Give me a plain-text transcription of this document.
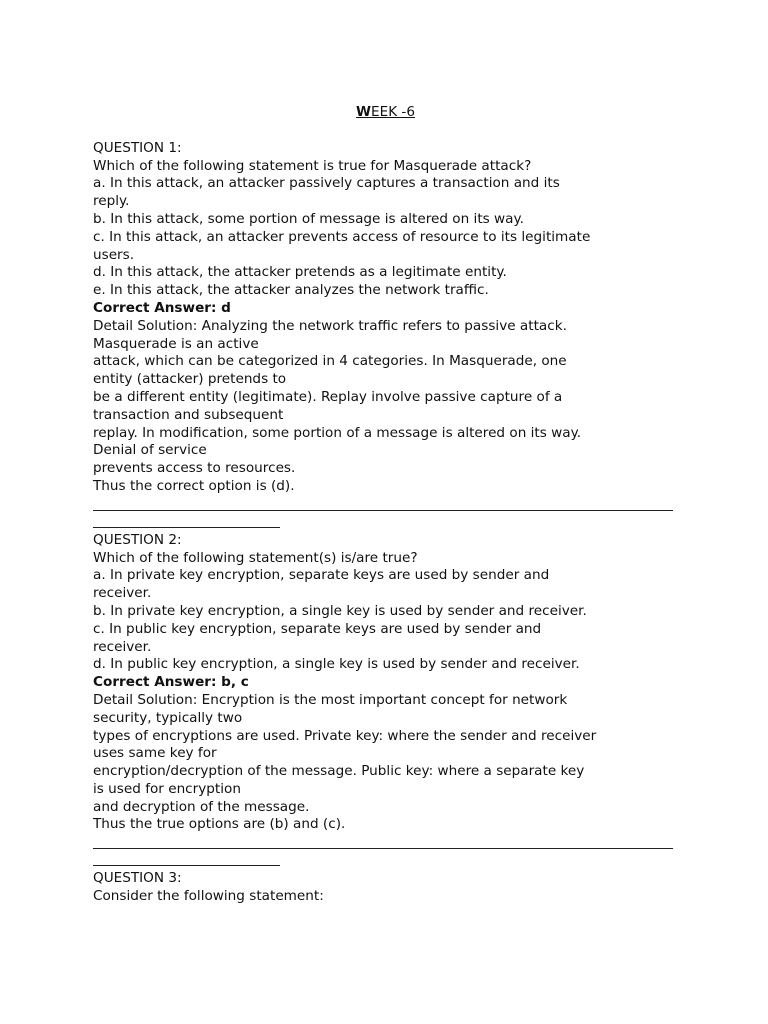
WEEK -6
QUESTION 1:
Which of the following statement is true for Masquerade attack?
a. In this attack, an attacker passively captures a transaction and its
reply.
b. In this attack, some portion of message is altered on its way.
c. In this attack, an attacker prevents access of resource to its legitimate
users.
d. In this attack, the attacker pretends as a legitimate entity.
e. In this attack, the attacker analyzes the network traffic.
Correct Answer: d
Detail Solution: Analyzing the network traffic refers to passive attack.
Masquerade is an active
attack, which can be categorized in 4 categories. In Masquerade, one
entity (attacker) pretends to
be a different entity (legitimate). Replay involve passive capture of a
transaction and subsequent
replay. In modification, some portion of a message is altered on its way.
Denial of service
prevents access to resources.
Thus the correct option is (d).
QUESTION 2:
Which of the following statement(s) is/are true?
a. In private key encryption, separate keys are used by sender and
receiver.
b. In private key encryption, a single key is used by sender and receiver.
c. In public key encryption, separate keys are used by sender and
receiver.
d. In public key encryption, a single key is used by sender and receiver.
Correct Answer: b, c
Detail Solution: Encryption is the most important concept for network
security, typically two
types of encryptions are used. Private key: where the sender and receiver
uses same key for
encryption/decryption of the message. Public key: where a separate key
is used for encryption
and decryption of the message.
Thus the true options are (b) and (c).
QUESTION 3:
Consider the following statement:
